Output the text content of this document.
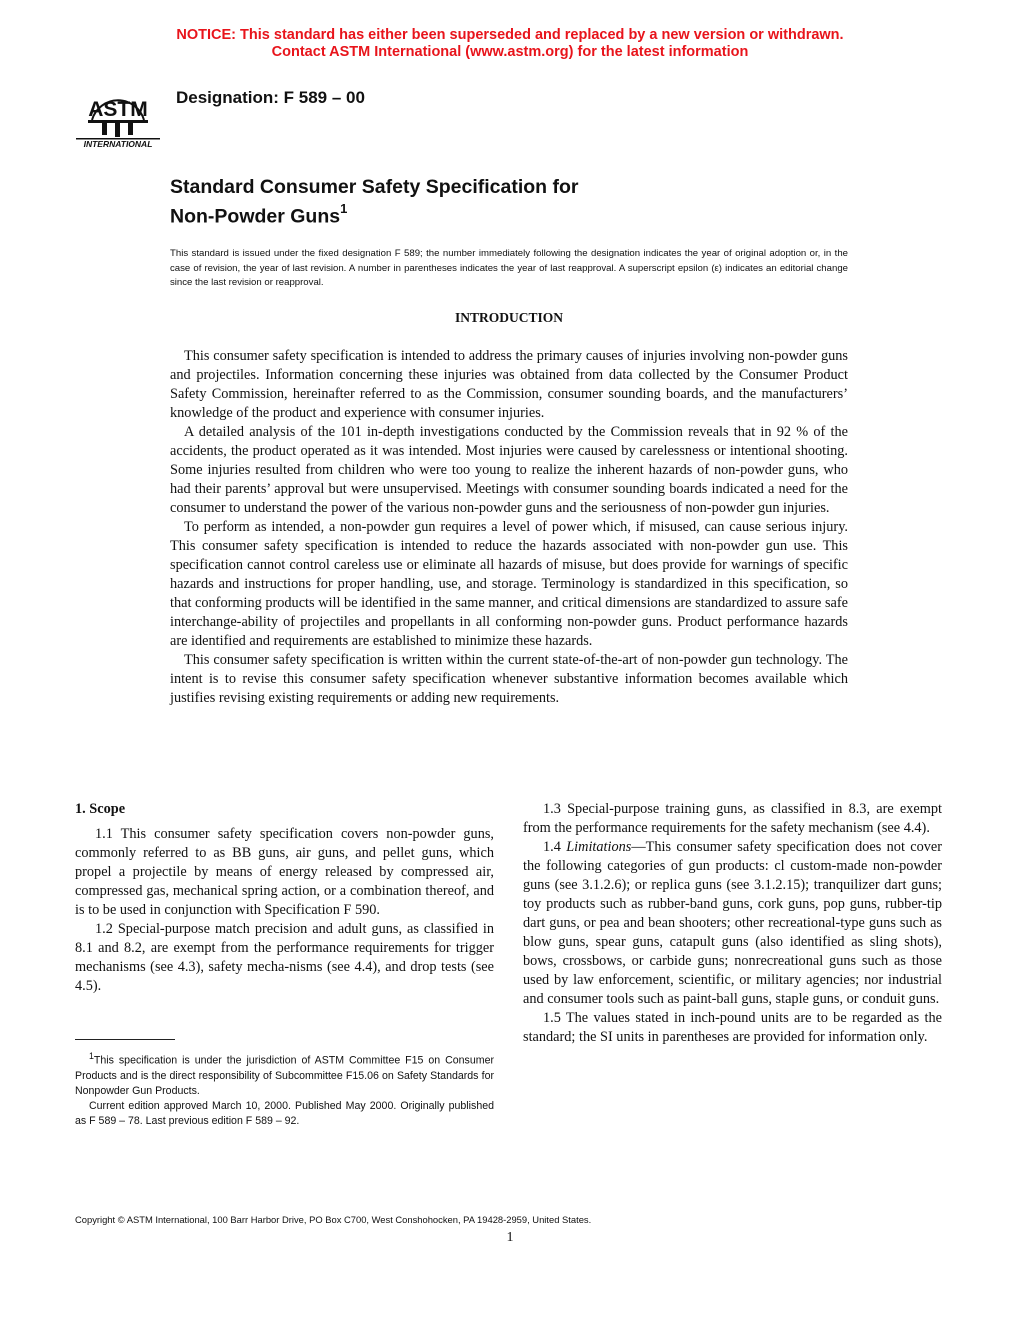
NOTICE: This standard has either been superseded and replaced by a new version or withdrawn.
Contact ASTM International (www.astm.org) for the latest information
ASTM
INTERNATIONAL
Designation: F 589 – 00
Standard Consumer Safety Specification for
Non-Powder Guns$^1$
This standard is issued under the fixed designation F 589; the number immediately following the designation indicates the year of original adoption or, in the case of revision, the year of last revision. A number in parentheses indicates the year of last reapproval. A superscript epsilon (ε) indicates an editorial change since the last revision or reapproval.
INTRODUCTION

This consumer safety specification is intended to address the primary causes of injuries involving non-powder guns and projectiles. Information concerning these injuries was obtained from data collected by the Consumer Product Safety Commission, hereinafter referred to as the Commission, consumer sounding boards, and the manufacturers’ knowledge of the product and experience with consumer injuries.

A detailed analysis of the 101 in-depth investigations conducted by the Commission reveals that in 92 % of the accidents, the product operated as it was intended. Most injuries were caused by carelessness or intentional shooting. Some injuries resulted from children who were too young to realize the inherent hazards of non-powder guns, who had their parents’ approval but were unsupervised. Meetings with consumer sounding boards indicated a need for the consumer to understand the power of the various non-powder guns and the seriousness of non-powder gun injuries.

To perform as intended, a non-powder gun requires a level of power which, if misused, can cause serious injury. This consumer safety specification is intended to reduce the hazards associated with non-powder gun use. This specification cannot control careless use or eliminate all hazards of misuse, but does provide for warnings of specific hazards and instructions for proper handling, use, and storage. Terminology is standardized in this specification, so that conforming products will be identified in the same manner, and critical dimensions are standardized to assure safe interchange-ability of projectiles and propellants in all conforming non-powder guns. Product performance hazards are identified and requirements are established to minimize these hazards.

This consumer safety specification is written within the current state-of-the-art of non-powder gun technology. The intent is to revise this consumer safety specification whenever substantive information becomes available which justifies revising existing requirements or adding new requirements.

1. Scope

1.1 This consumer safety specification covers non-powder guns, commonly referred to as BB guns, air guns, and pellet guns, which propel a projectile by means of energy released by compressed air, compressed gas, mechanical spring action, or a combination thereof, and is to be used in conjunction with Specification F 590.

1.2 Special-purpose match precision and adult guns, as classified in 8.1 and 8.2, are exempt from the performance requirements for trigger mechanisms (see 4.3), safety mecha-nisms (see 4.4), and drop tests (see 4.5).

1.3 Special-purpose training guns, as classified in 8.3, are exempt from the performance requirements for the safety mechanism (see 4.4).

1.4 Limitations—This consumer safety specification does not cover the following categories of gun products: cl custom-made non-powder guns (see 3.1.2.6); or replica guns (see 3.1.2.15); tranquilizer dart guns; toy products such as rubber-band guns, cork guns, pop guns, rubber-tip dart guns, or pea and bean shooters; other recreational-type guns such as blow guns, spear guns, catapult guns (also identified as sling shots), bows, crossbows, or carbide guns; nonrecreational guns such as those used by law enforcement, scientific, or military agencies; nor industrial and consumer tools such as paint-ball guns, staple guns, or conduit guns.

1.5 The values stated in inch-pound units are to be regarded as the standard; the SI units in parentheses are provided for information only.

$^1$This specification is under the jurisdiction of ASTM Committee F15 on Consumer Products and is the direct responsibility of Subcommittee F15.06 on Safety Standards for Nonpowder Gun Products.

Current edition approved March 10, 2000. Published May 2000. Originally published as F 589 – 78. Last previous edition F 589 – 92.

Copyright © ASTM International, 100 Barr Harbor Drive, PO Box C700, West Conshohocken, PA 19428-2959, United States.
1
